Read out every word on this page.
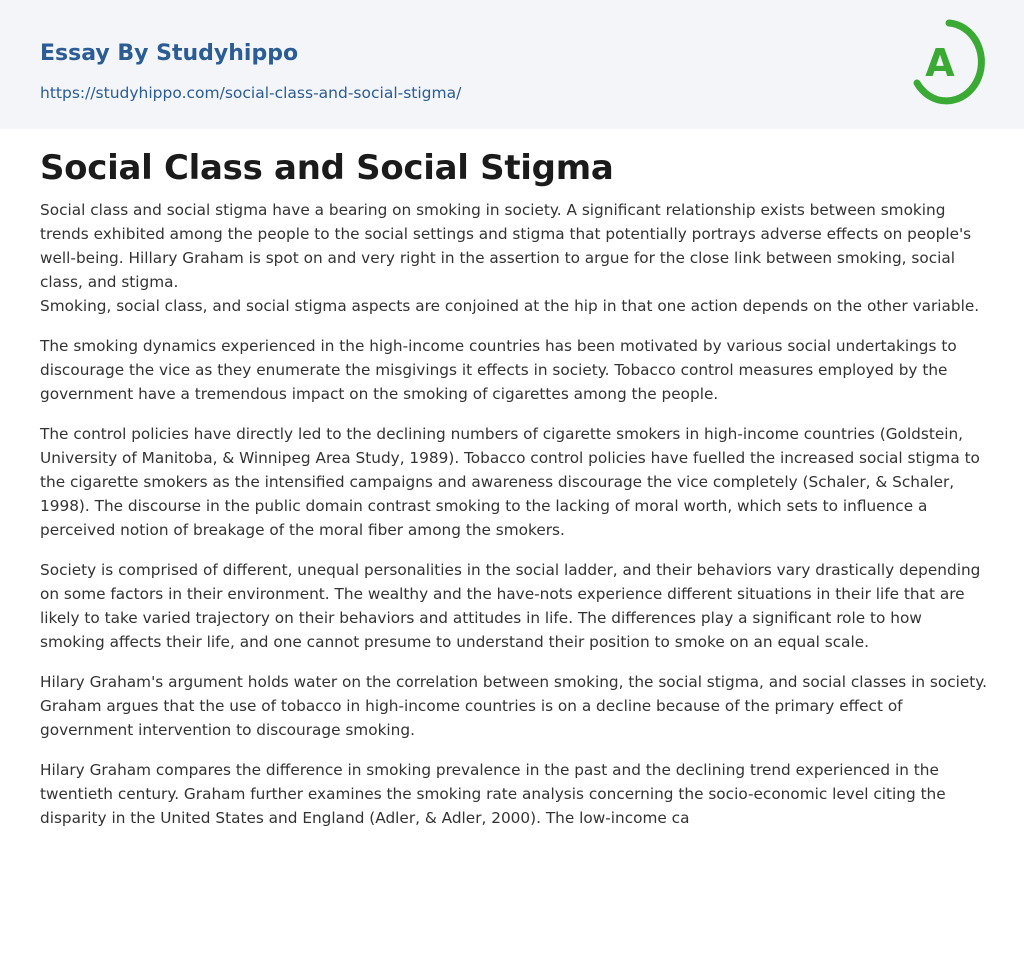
Essay By Studyhippo
https://studyhippo.com/social-class-and-social-stigma/
A
Social Class and Social Stigma

Social class and social stigma have a bearing on smoking in society. A significant relationship exists between smoking trends exhibited among the people to the social settings and stigma that potentially portrays adverse effects on people's well-being. Hillary Graham is spot on and very right in the assertion to argue for the close link between smoking, social class, and stigma.

Smoking, social class, and social stigma aspects are conjoined at the hip in that one action depends on the other variable.

The smoking dynamics experienced in the high-income countries has been motivated by various social undertakings to discourage the vice as they enumerate the misgivings it effects in society. Tobacco control measures employed by the government have a tremendous impact on the smoking of cigarettes among the people.

The control policies have directly led to the declining numbers of cigarette smokers in high-income countries (Goldstein, University of Manitoba, & Winnipeg Area Study, 1989). Tobacco control policies have fuelled the increased social stigma to the cigarette smokers as the intensified campaigns and awareness discourage the vice completely (Schaler, & Schaler, 1998). The discourse in the public domain contrast smoking to the lacking of moral worth, which sets to influence a perceived notion of breakage of the moral fiber among the smokers.

Society is comprised of different, unequal personalities in the social ladder, and their behaviors vary drastically depending on some factors in their environment. The wealthy and the have-nots experience different situations in their life that are likely to take varied trajectory on their behaviors and attitudes in life. The differences play a significant role to how smoking affects their life, and one cannot presume to understand their position to smoke on an equal scale.

Hilary Graham's argument holds water on the correlation between smoking, the social stigma, and social classes in society. Graham argues that the use of tobacco in high-income countries is on a decline because of the primary effect of government intervention to discourage smoking.

Hilary Graham compares the difference in smoking prevalence in the past and the declining trend experienced in the twentieth century. Graham further examines the smoking rate analysis concerning the socio-economic level citing the disparity in the United States and England (Adler, & Adler, 2000). The low-income ca
